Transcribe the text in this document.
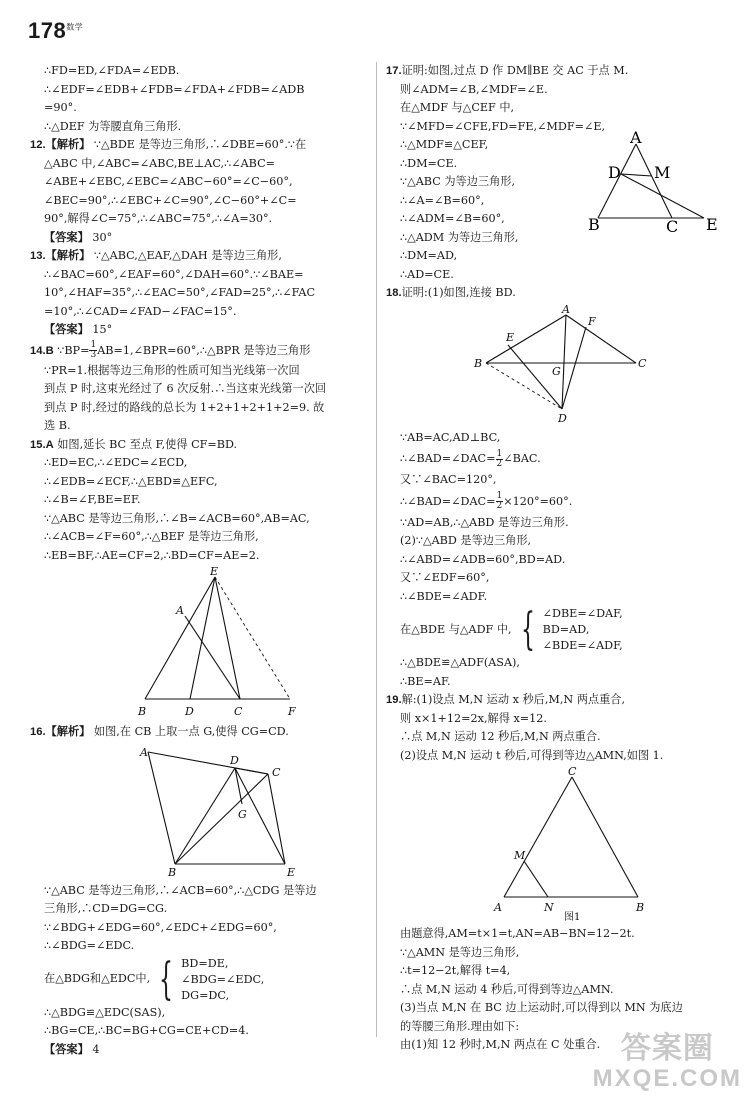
$178^{数学}$
∴FD=ED,∠FDA=∠EDB.
∴∠EDF=∠EDB+∠FDB=∠FDA+∠FDB=∠ADB
=90°.
∴△DEF 为等腰直角三角形.
12.【解析】 ∵△BDE 是等边三角形,∴∠DBE=60°.∵在
△ABC 中,∠ABC=∠ABC,BE⊥AC,∴∠ABC=
∠ABE+∠EBC,∠EBC=∠ABC−60°=∠C−60°,
∠BEC=90°,∴∠EBC+∠C=90°,∠C−60°+∠C=
90°,解得∠C=75°,∴∠ABC=75°,∴∠A=30°.
【答案】 30°
13.【解析】 ∵△ABC,△EAF,△DAH 是等边三角形,
∴∠BAC=60°,∠EAF=60°,∠DAH=60°.∵∠BAE=
10°,∠HAF=35°,∴∠EAC=50°,∠FAD=25°,∴∠FAC
=10°,∴∠CAD=∠FAD−∠FAC=15°.
【答案】 15°
14.B ∵BP= $\frac{1}{3}$ AB=1,∠BPR=60°,∴△BPR 是等边三角形
∵PR=1.根据等边三角形的性质可知当光线第一次回
到点 P 时,这束光经过了 6 次反射.∴当这束光线第一次回
到点 P 时,经过的路线的总长为 1+2+1+2+1+2=9. 故
选 B.
15.A 如图,延长 BC 至点 F,使得 CF=BD.
∴ED=EC,∴∠EDC=∠ECD,
∴∠EDB=∠ECF,∴△EBD≌△EFC,
∴∠B=∠F,BE=EF.
∵△ABC 是等边三角形,∴∠B=∠ACB=60°,AB=AC,
∴∠ACB=∠F=60°,∴△BEF 是等边三角形,
∴EB=BF,∴AE=CF=2,∴BD=CF=AE=2.
E
A
B	D	C	F
16.【解析】 如图,在 CB 上取一点 G,使得 CG=CD.
A
D
C
G
B	E
∵△ABC 是等边三角形,∴∠ACB=60°,∴△CDG 是等边
三角形,∴CD=DG=CG.
∵∠BDG+∠EDG=60°,∠EDC+∠EDG=60°,
∴∠BDG=∠EDC.
在△BDG和△EDC中, { BD=DE,
∠BDG=∠EDC,
DG=DC,
∴△BDG≌△EDC(SAS),
∴BG=CE,∴BC=BG+CG=CE+CD=4.
【答案】 4
17.证明:如图,过点 D 作 DM∥BE 交 AC 于点 M.
则∠ADM=∠B,∠MDF=∠E.
在△MDF 与△CEF 中,
∵∠MFD=∠CFE,FD=FE,∠MDF=∠E,
∴△MDF≌△CEF,
∴DM=CE.
∵△ABC 为等边三角形,
∴∠A=∠B=60°,
∴∠ADM=∠B=60°,
∴△ADM 为等边三角形,
∴DM=AD,
∴AD=CE.
A
D M
B	C E
18.证明:(1)如图,连接 BD.
A
F
E
B
G
C
D
∵AB=AC,AD⊥BC,
∴∠BAD=∠DAC= $\frac{1}{2}$ ∠BAC.
又∵∠BAC=120°,
∴∠BAD=∠DAC= $\frac{1}{2} \times 120^\circ=60^\circ$.
∵AD=AB,∴△ABD 是等边三角形.
(2)∵△ABD 是等边三角形,
∴∠ABD=∠ADB=60°,BD=AD.
又∵∠EDF=60°,
∴∠BDE=∠ADF.
在△BDE 与△ADF 中, { ∠DBE=∠DAF,
BD=AD,
∠BDE=∠ADF,
∴△BDE≌△ADF(ASA),
∴BE=AF.
19.解:(1)设点 M,N 运动 x 秒后,M,N 两点重合,
则 x×1+12=2x,解得 x=12.
∴点 M,N 运动 12 秒后,M,N 两点重合.
(2)设点 M,N 运动 t 秒后,可得到等边△AMN,如图 1.
C
M
A	N	B
图1
由题意得,AM=t×1=t,AN=AB−BN=12−2t.
∵△AMN 是等边三角形,
∴t=12−2t,解得 t=4,
∴点 M,N 运动 4 秒后,可得到等边△AMN.
(3)当点 M,N 在 BC 边上运动时,可以得到以 MN 为底边
的等腰三角形.理由如下:
由(1)知 12 秒时,M,N 两点在 C 处重合. 答案圈
MXQE.COM
